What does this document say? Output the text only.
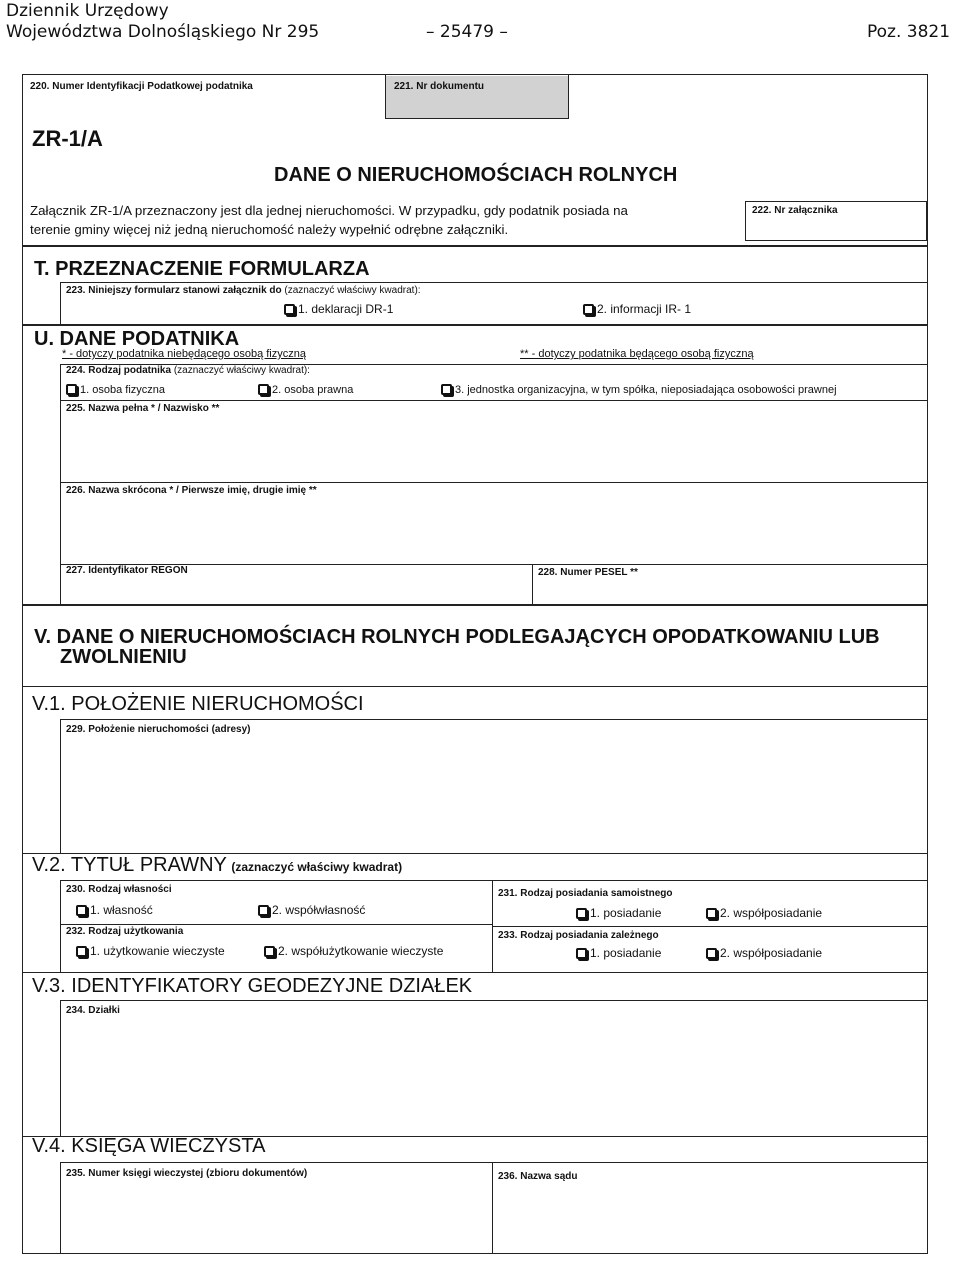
Dziennik Urzędowy
Województwa Dolnośląskiego Nr 295	– 25479 –	Poz. 3821
220. Numer Identyfikacji Podatkowej podatnika	221. Nr dokumentu
ZR-1/A
DANE O NIERUCHOMOŚCIACH ROLNYCH
Załącznik ZR-1/A przeznaczony jest dla jednej nieruchomości. W przypadku, gdy podatnik posiada na
terenie gminy więcej niż jedną nieruchomość należy wypełnić odrębne załączniki.
222. Nr załącznika
T. PRZEZNACZENIE FORMULARZA
223. Niniejszy formularz stanowi załącznik do (zaznaczyć właściwy kwadrat):
1. deklaracji DR-1	2. informacji IR- 1
U. DANE PODATNIKA
* - dotyczy podatnika niebędącego osobą fizyczną	** - dotyczy podatnika będącego osobą fizyczną
224. Rodzaj podatnika (zaznaczyć właściwy kwadrat):
1. osoba fizyczna	2. osoba prawna	3. jednostka organizacyjna, w tym spółka, nieposiadająca osobowości prawnej
225. Nazwa pełna * / Nazwisko **
226. Nazwa skrócona * / Pierwsze imię, drugie imię **
227. Identyfikator REGON	228. Numer PESEL **
V. DANE O NIERUCHOMOŚCIACH ROLNYCH PODLEGAJĄCYCH OPODATKOWANIU LUB
ZWOLNIENIU
V.1. POŁOŻENIE NIERUCHOMOŚCI
229. Położenie nieruchomości (adresy)
V.2. TYTUŁ PRAWNY (zaznaczyć właściwy kwadrat)
230. Rodzaj własności
1. własność	2. współwłasność
231. Rodzaj posiadania samoistnego
1. posiadanie	2. współposiadanie
232. Rodzaj użytkowania
1. użytkowanie wieczyste	2. współużytkowanie wieczyste
233. Rodzaj posiadania zależnego
1. posiadanie	2. współposiadanie
V.3. IDENTYFIKATORY GEODEZYJNE DZIAŁEK
234. Działki
V.4. KSIĘGA WIECZYSTA
235. Numer księgi wieczystej (zbioru dokumentów)	236. Nazwa sądu
